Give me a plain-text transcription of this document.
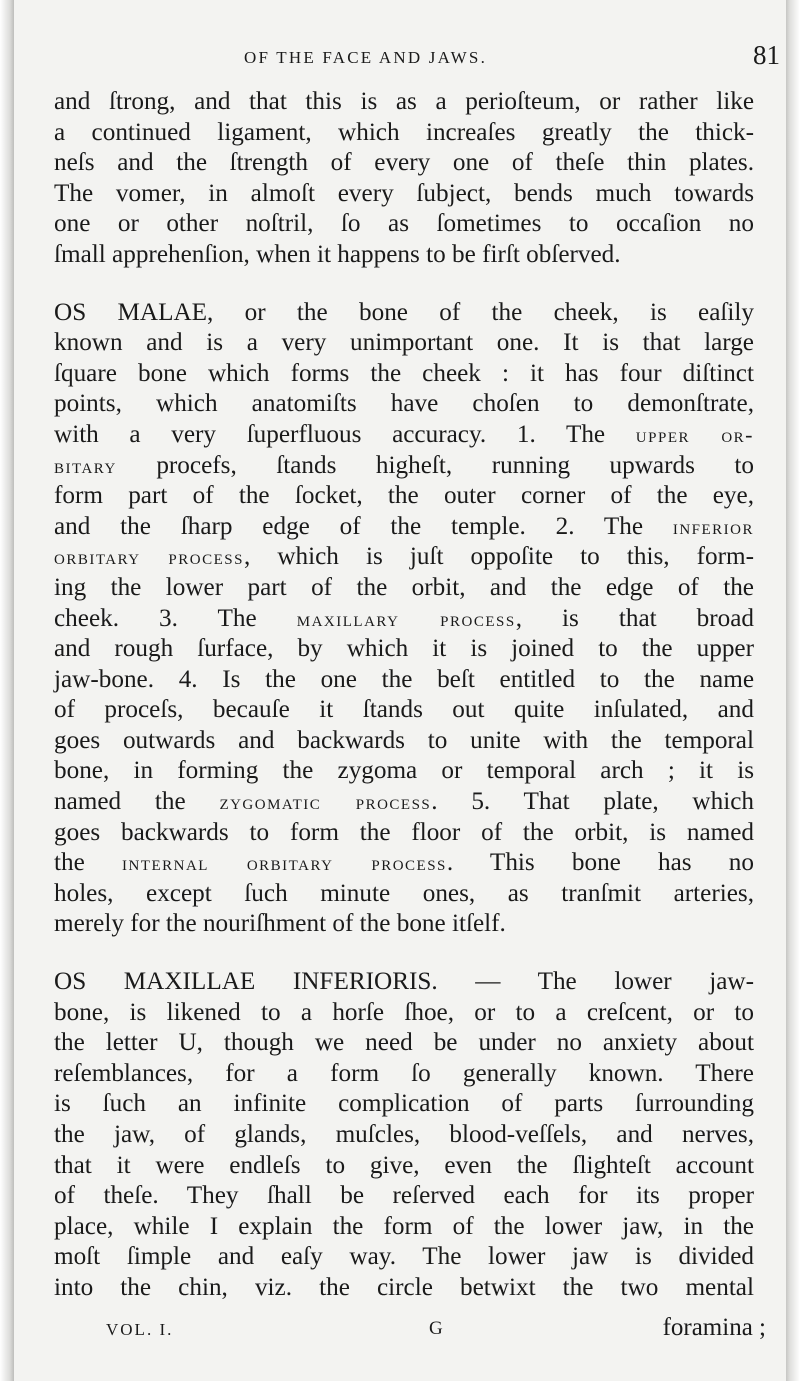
OF THE FACE AND JAWS.	81
and ſtrong, and that this is as a perioſteum, or rather like
a continued ligament, which increaſes greatly the thick-
neſs and the ſtrength of every one of theſe thin plates.
The vomer, in almoſt every ſubject, bends much towards
one or other noſtril, ſo as ſometimes to occaſion no
ſmall apprehenſion, when it happens to be firſt obſerved.
OS MALAE, or the bone of the cheek, is eaſily
known and is a very unimportant one. It is that large
ſquare bone which forms the cheek : it has four diſtinct
points, which anatomiſts have choſen to demonſtrate,
with a very ſuperfluous accuracy. 1. The upper or-
bitary procefs, ſtands higheſt, running upwards to
form part of the ſocket, the outer corner of the eye,
and the ſharp edge of the temple. 2. The inferior
orbitary process, which is juſt oppoſite to this, form-
ing the lower part of the orbit, and the edge of the
cheek. 3. The maxillary process, is that broad
and rough ſurface, by which it is joined to the upper
jaw-bone. 4. Is the one the beſt entitled to the name
of proceſs, becauſe it ſtands out quite inſulated, and
goes outwards and backwards to unite with the temporal
bone, in forming the zygoma or temporal arch ; it is
named the zygomatic process. 5. That plate, which
goes backwards to form the floor of the orbit, is named
the internal orbitary process. This bone has no
holes, except ſuch minute ones, as tranſmit arteries,
merely for the nouriſhment of the bone itſelf.
OS MAXILLAE INFERIORIS. — The lower jaw-
bone, is likened to a horſe ſhoe, or to a creſcent, or to
the letter U, though we need be under no anxiety about
reſemblances, for a form ſo generally known. There
is ſuch an infinite complication of parts ſurrounding
the jaw, of glands, muſcles, blood-veſſels, and nerves,
that it were endleſs to give, even the ſlighteſt account
of theſe. They ſhall be reſerved each for its proper
place, while I explain the form of the lower jaw, in the
moſt ſimple and eaſy way. The lower jaw is divided
into the chin, viz. the circle betwixt the two mental
VOL. I.	G	foramina ;
